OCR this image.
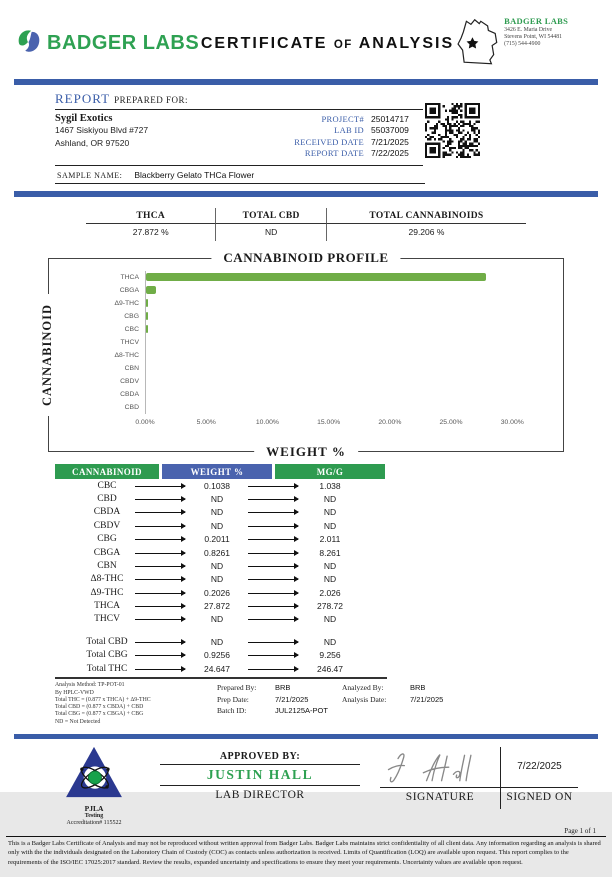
BADGER LABS CERTIFICATE OF ANALYSIS
BADGER LABS
3426 E. Maria Drive
Stevens Point, WI 54481
(715) 544-4900
REPORT PREPARED FOR:
Sygil Exotics
1467 Siskiyou Blvd #727
Ashland, OR 97520
PROJECT# 25014717
LAB ID 55037009
RECEIVED DATE 7/21/2025
REPORT DATE 7/22/2025
SAMPLE NAME: Blackberry Gelato THCa Flower
THCA	TOTAL CBD	TOTAL CANNABINOIDS
27.872 %	ND	29.206 %
CANNABINOID PROFILE
CANNABINOID
THCA
CBGA
Δ9-THC
CBG
CBC
THCV
Δ8-THC
CBN
CBDV
CBDA
CBD
0.00%	5.00%	10.00%	15.00%	20.00%	25.00%	30.00%
WEIGHT %
CANNABINOID	WEIGHT %	MG/G
CBC	0.1038	1.038
CBD	ND	ND
CBDA	ND	ND
CBDV	ND	ND
CBG	0.2011	2.011
CBGA	0.8261	8.261
CBN	ND	ND
Δ8-THC	ND	ND
Δ9-THC	0.2026	2.026
THCA	27.872	278.72
THCV	ND	ND
Total CBD	ND	ND
Total CBG	0.9256	9.256
Total THC	24.647	246.47
Analysis Method: TP-POT-01
By HPLC-VWD
Total THC = (0.877 x THCA) + Δ9-THC
Total CBD = (0.877 x CBDA) + CBD
Total CBG = (0.877 x CBGA) + CBG
ND = Not Detected
Prepared By:	BRB
Prep Date:	7/21/2025
Batch ID:	JUL2125A-POT
Analyzed By:	BRB
Analysis Date:	7/21/2025
PJLA
Testing
Accreditation# 115522
APPROVED BY:
JUSTIN HALL
LAB DIRECTOR
7/22/2025
SIGNATURE	SIGNED ON
Page 1 of 1
This is a Badger Labs Certificate of Analysis and may not be reproduced without written approval from Badger Labs. Badger Labs maintains strict confidentiality of all client data. Any information regarding an analysis is shared only with the the individuals designated on the Laboratory Chain of Custody (COC) as contacts unless authorization is received. Limits of Quantification (LOQ) are available upon request. This report complies to the requirements of the ISO/IEC 17025:2017 standard. Review the results, expanded uncertainty and specifications to ensure they meet your requirements. Uncertainty values are available upon request.
